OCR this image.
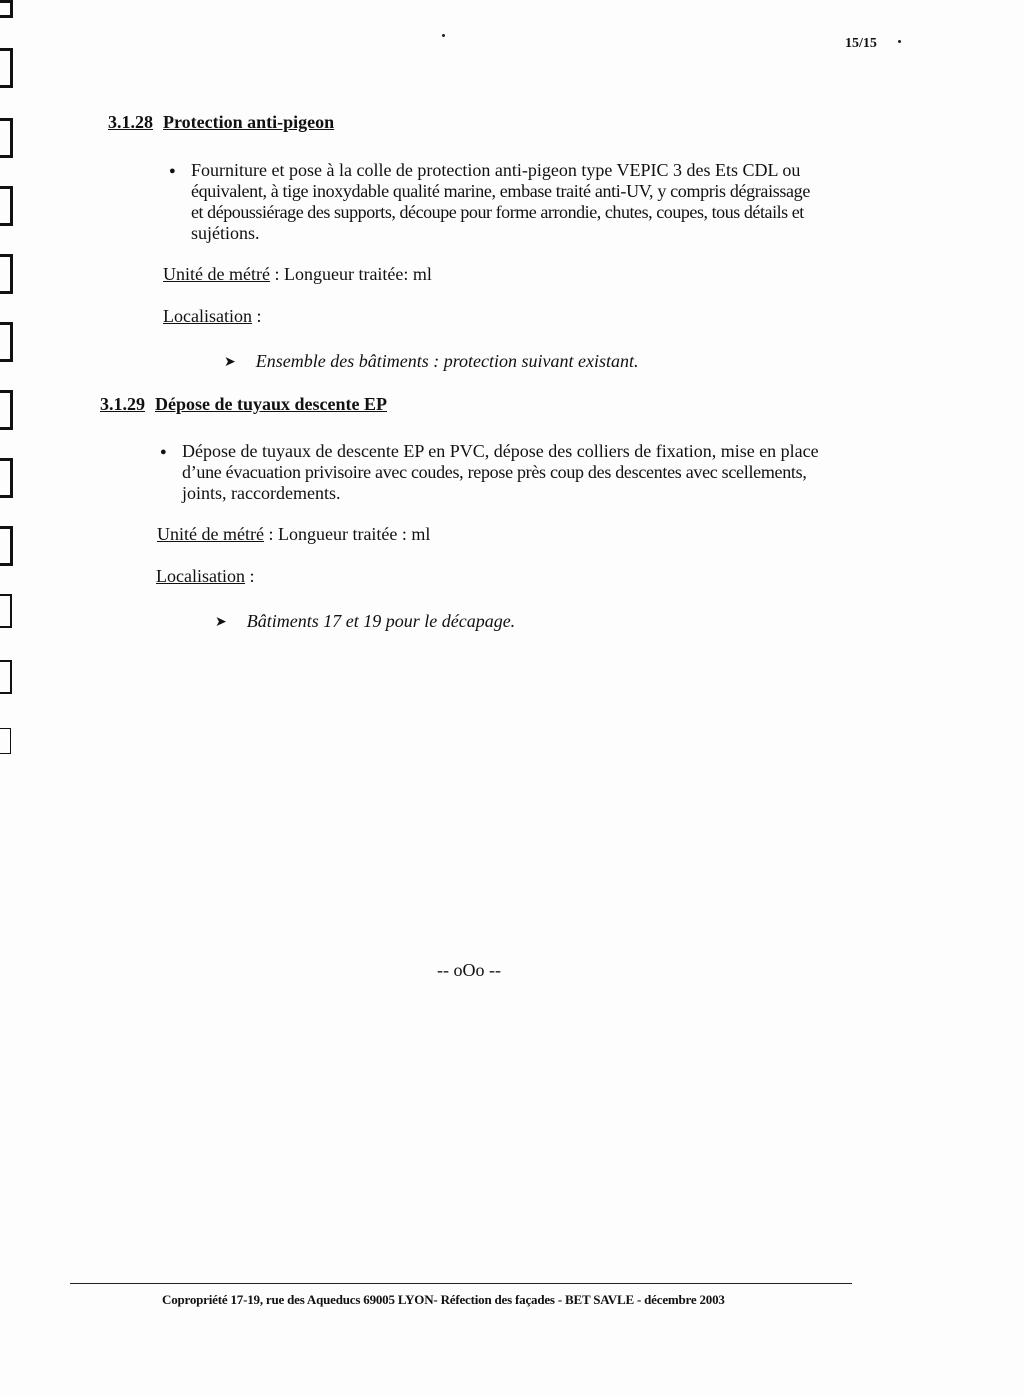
15/15
3.1.28 Protection anti-pigeon
● Fourniture et pose à la colle de protection anti-pigeon type VEPIC 3 des Ets CDL ou
équivalent, à tige inoxydable qualité marine, embase traité anti-UV, y compris dégraissage
et dépoussiérage des supports, découpe pour forme arrondie, chutes, coupes, tous détails et
sujétions.
Unité de métré : Longueur traitée: ml
Localisation :
➤ Ensemble des bâtiments : protection suivant existant.
3.1.29 Dépose de tuyaux descente EP
● Dépose de tuyaux de descente EP en PVC, dépose des colliers de fixation, mise en place
d’une évacuation privisoire avec coudes, repose près coup des descentes avec scellements,
joints, raccordements.
Unité de métré : Longueur traitée : ml
Localisation :
➤ Bâtiments 17 et 19 pour le décapage.
-- oOo --
Copropriété 17-19, rue des Aqueducs 69005 LYON- Réfection des façades - BET SAVLE - décembre 2003
